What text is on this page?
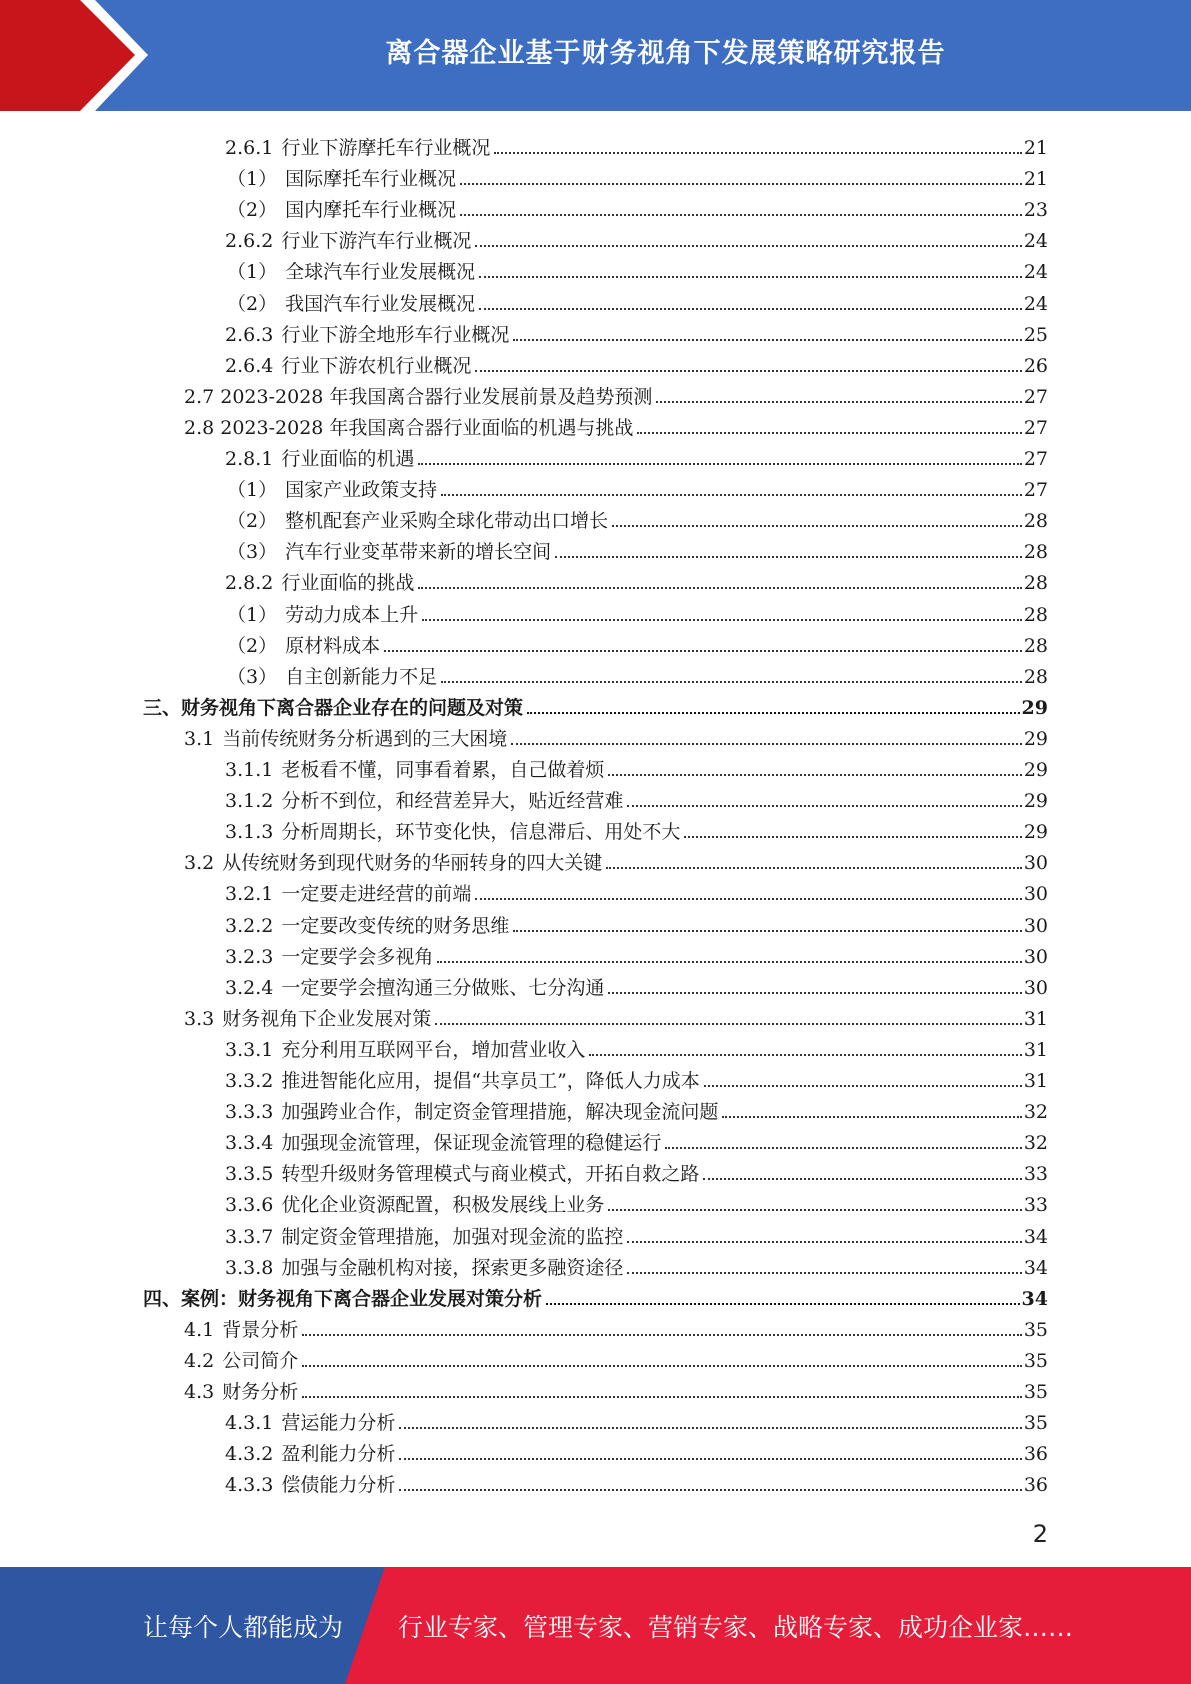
离合器企业基于财务视角下发展策略研究报告
2.6.1 行业下游摩托车行业概况	21
（1） 国际摩托车行业概况	21
（2） 国内摩托车行业概况	23
2.6.2 行业下游汽车行业概况	24
（1） 全球汽车行业发展概况	24
（2） 我国汽车行业发展概况	24
2.6.3 行业下游全地形车行业概况	25
2.6.4 行业下游农机行业概况	26
2.7 2023-2028 年我国离合器行业发展前景及趋势预测	27
2.8 2023-2028 年我国离合器行业面临的机遇与挑战	27
2.8.1 行业面临的机遇	27
（1） 国家产业政策支持	27
（2） 整机配套产业采购全球化带动出口增长	28
（3） 汽车行业变革带来新的增长空间	28
2.8.2 行业面临的挑战	28
（1） 劳动力成本上升	28
（2） 原材料成本	28
（3） 自主创新能力不足	28
三、财务视角下离合器企业存在的问题及对策	29
3.1 当前传统财务分析遇到的三大困境	29
3.1.1 老板看不懂，同事看着累，自己做着烦	29
3.1.2 分析不到位，和经营差异大，贴近经营难	29
3.1.3 分析周期长，环节变化快，信息滞后、用处不大	29
3.2 从传统财务到现代财务的华丽转身的四大关键	30
3.2.1 一定要走进经营的前端	30
3.2.2 一定要改变传统的财务思维	30
3.2.3 一定要学会多视角	30
3.2.4 一定要学会擅沟通三分做账、七分沟通	30
3.3 财务视角下企业发展对策	31
3.3.1 充分利用互联网平台，增加营业收入	31
3.3.2 推进智能化应用，提倡“共享员工”，降低人力成本	31
3.3.3 加强跨业合作，制定资金管理措施，解决现金流问题	32
3.3.4 加强现金流管理，保证现金流管理的稳健运行	32
3.3.5 转型升级财务管理模式与商业模式，开拓自救之路	33
3.3.6 优化企业资源配置，积极发展线上业务	33
3.3.7 制定资金管理措施，加强对现金流的监控	34
3.3.8 加强与金融机构对接，探索更多融资途径	34
四、案例：财务视角下离合器企业发展对策分析	34
4.1 背景分析	35
4.2 公司简介	35
4.3 财务分析	35
4.3.1 营运能力分析	35
4.3.2 盈利能力分析	36
4.3.3 偿债能力分析	36
2
让每个人都能成为 行业专家、管理专家、营销专家、战略专家、成功企业家……
